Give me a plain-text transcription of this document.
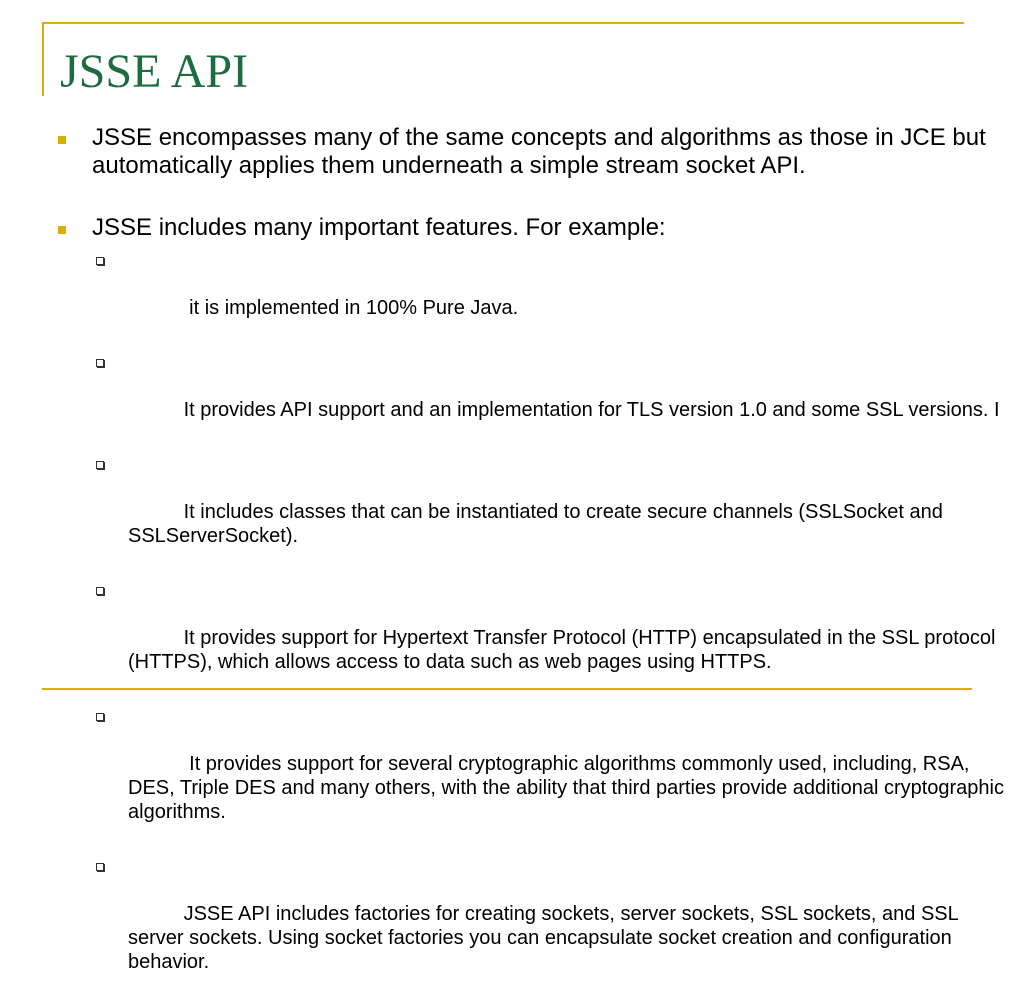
JSSE API
JSSE encompasses many of the same concepts and algorithms as those in JCE but automatically applies them underneath a simple stream socket API.
JSSE includes many important features. For example:

it is implemented in 100% Pure Java.

It provides API support and an implementation for TLS version 1.0 and some SSL versions. I

It includes classes that can be instantiated to create secure channels (SSLSocket and SSLServerSocket).

It provides support for Hypertext Transfer Protocol (HTTP) encapsulated in the SSL protocol (HTTPS), which allows access to data such as web pages using HTTPS.

It provides support for several cryptographic algorithms commonly used, including, RSA, DES, Triple DES and many others, with the ability that third parties provide additional cryptographic algorithms.

JSSE API includes factories for creating sockets, server sockets, SSL sockets, and SSL server sockets. Using socket factories you can encapsulate socket creation and configuration behavior.
